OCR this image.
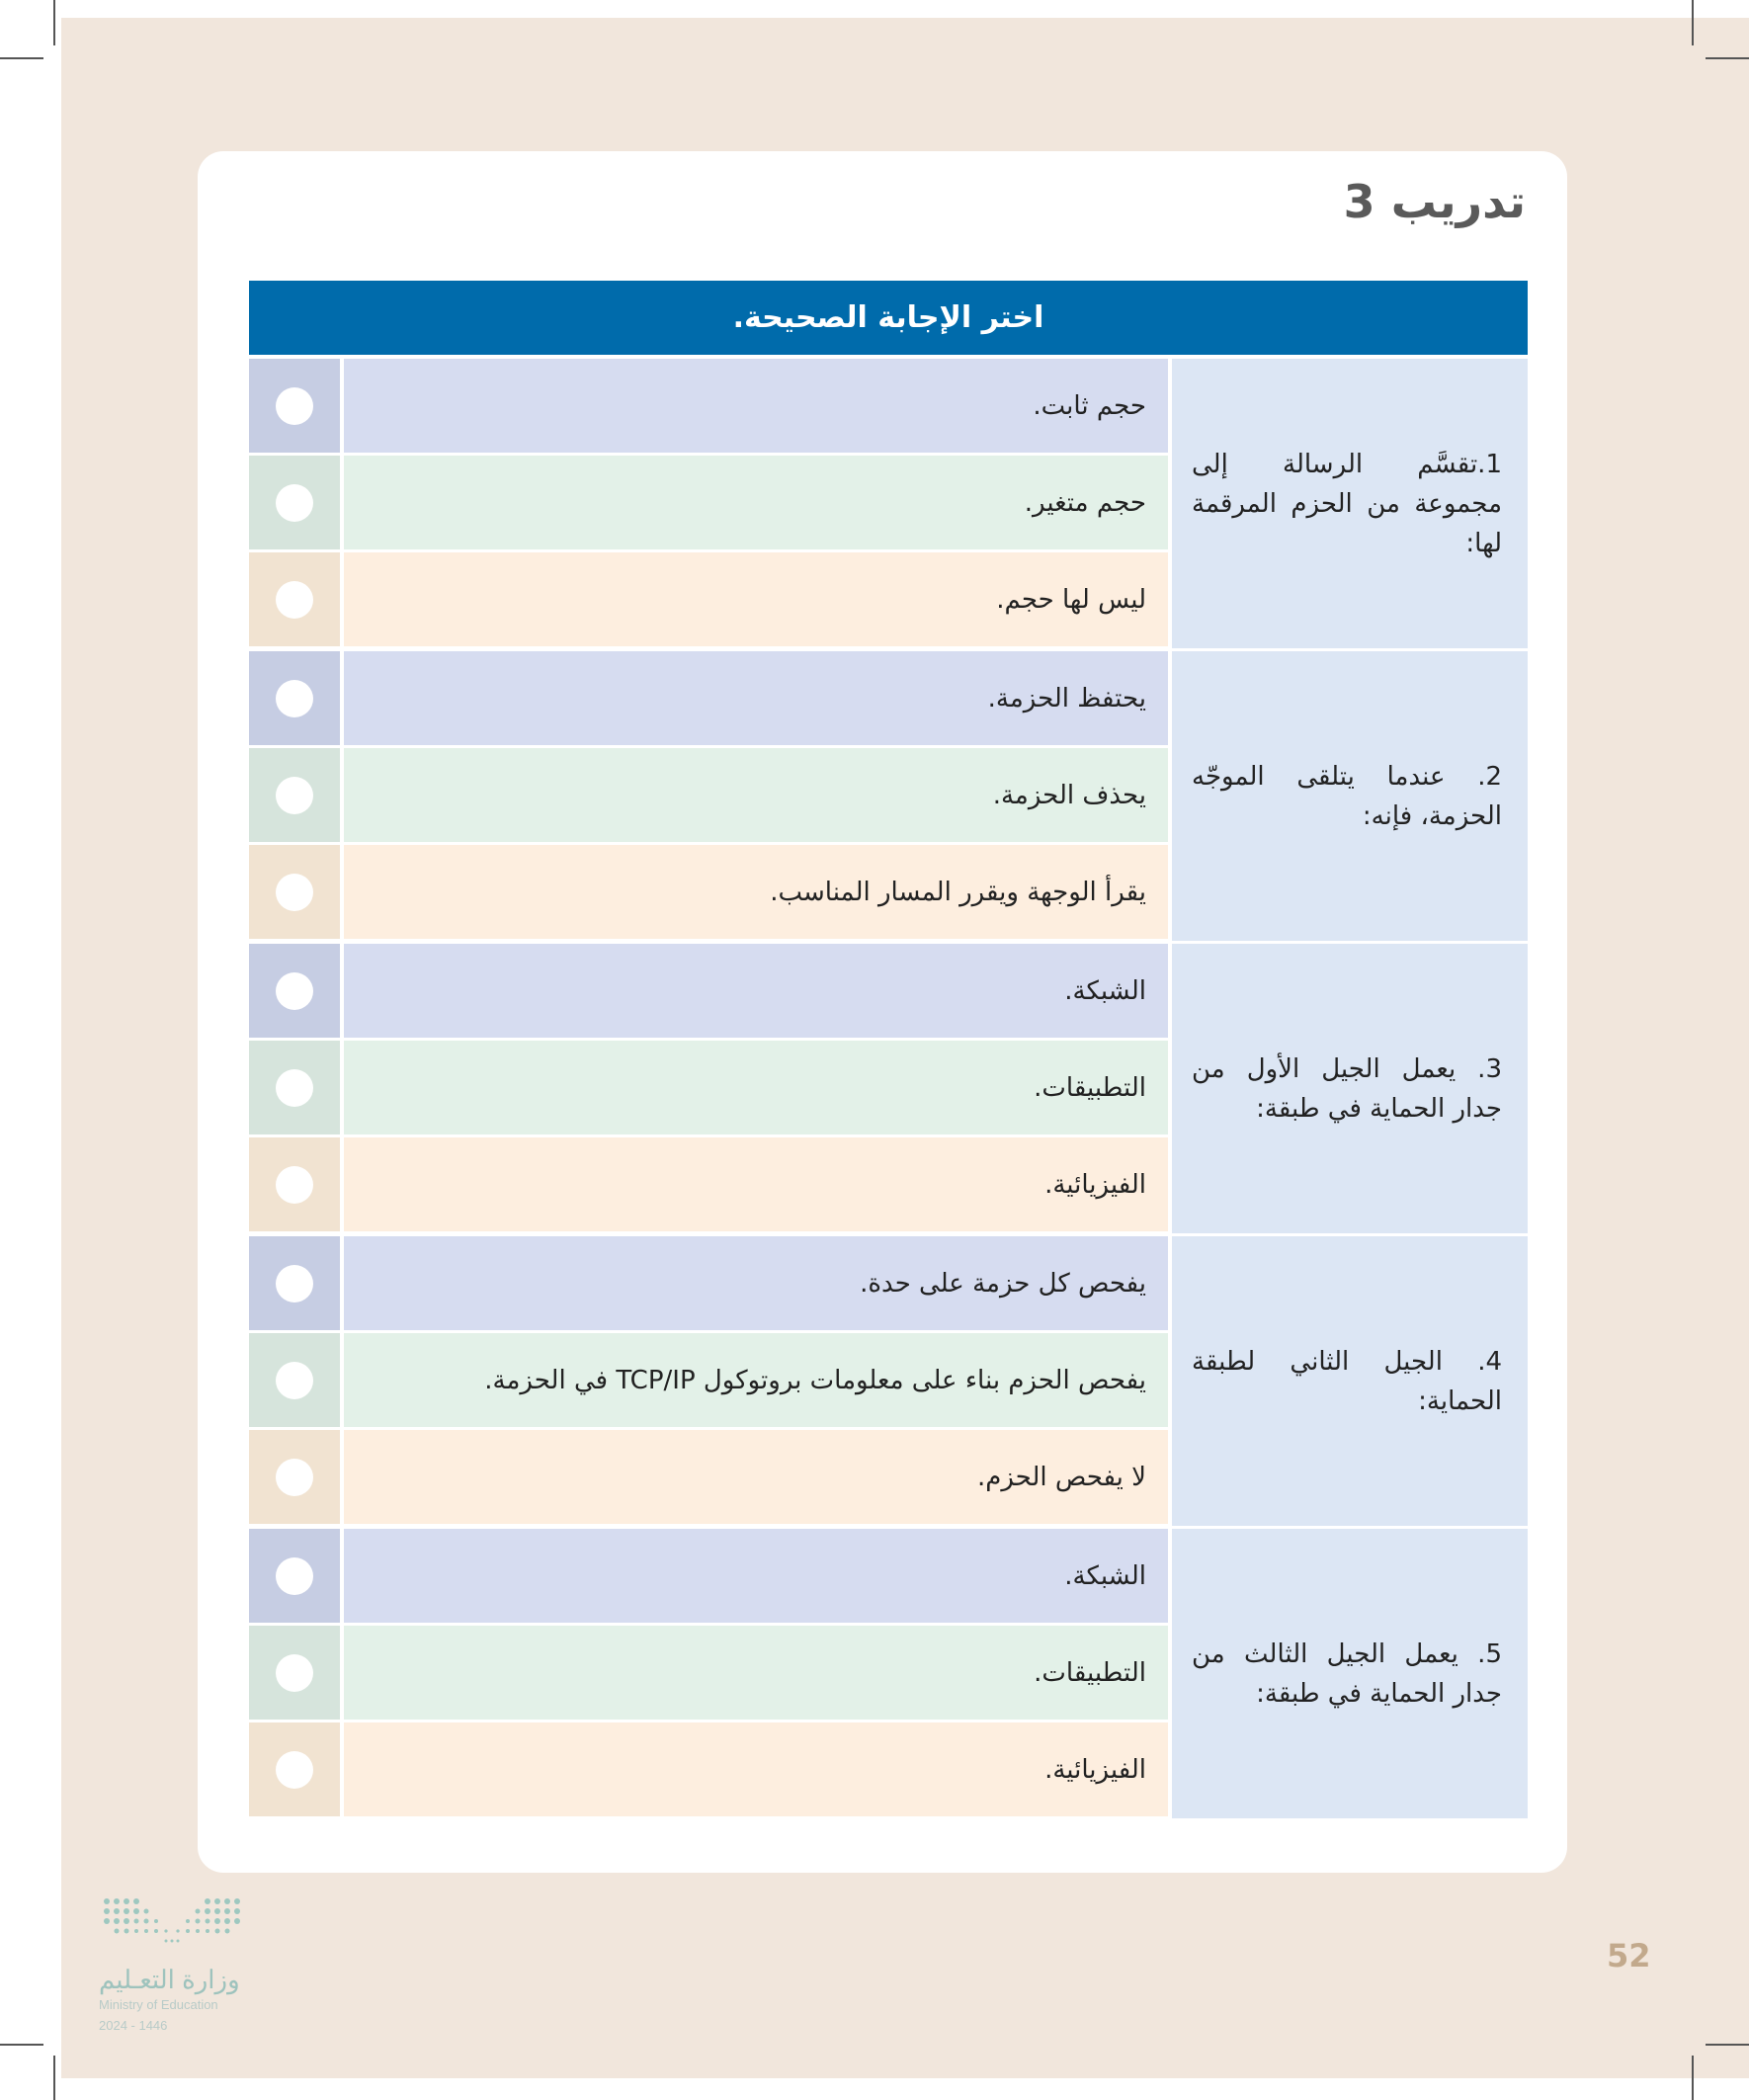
تدريب 3
اختر الإجابة الصحيحة.
1.تقسَّم الرسالة إلى مجموعة من الحزم المرقمة لها:
حجم ثابت.
حجم متغير.
ليس لها حجم.
2. عندما يتلقى الموجّه الحزمة، فإنه:
يحتفظ الحزمة.
يحذف الحزمة.
يقرأ الوجهة ويقرر المسار المناسب.
3. يعمل الجيل الأول من جدار الحماية في طبقة:
الشبكة.
التطبيقات.
الفيزيائية.
4. الجيل الثاني لطبقة الحماية:
يفحص كل حزمة على حدة.
يفحص الحزم بناء على معلومات بروتوكول TCP/IP في الحزمة.
لا يفحص الحزم.
5. يعمل الجيل الثالث من جدار الحماية في طبقة:
الشبكة.
التطبيقات.
الفيزيائية.
وزارة التعـليم
Ministry of Education
2024 - 1446
52
